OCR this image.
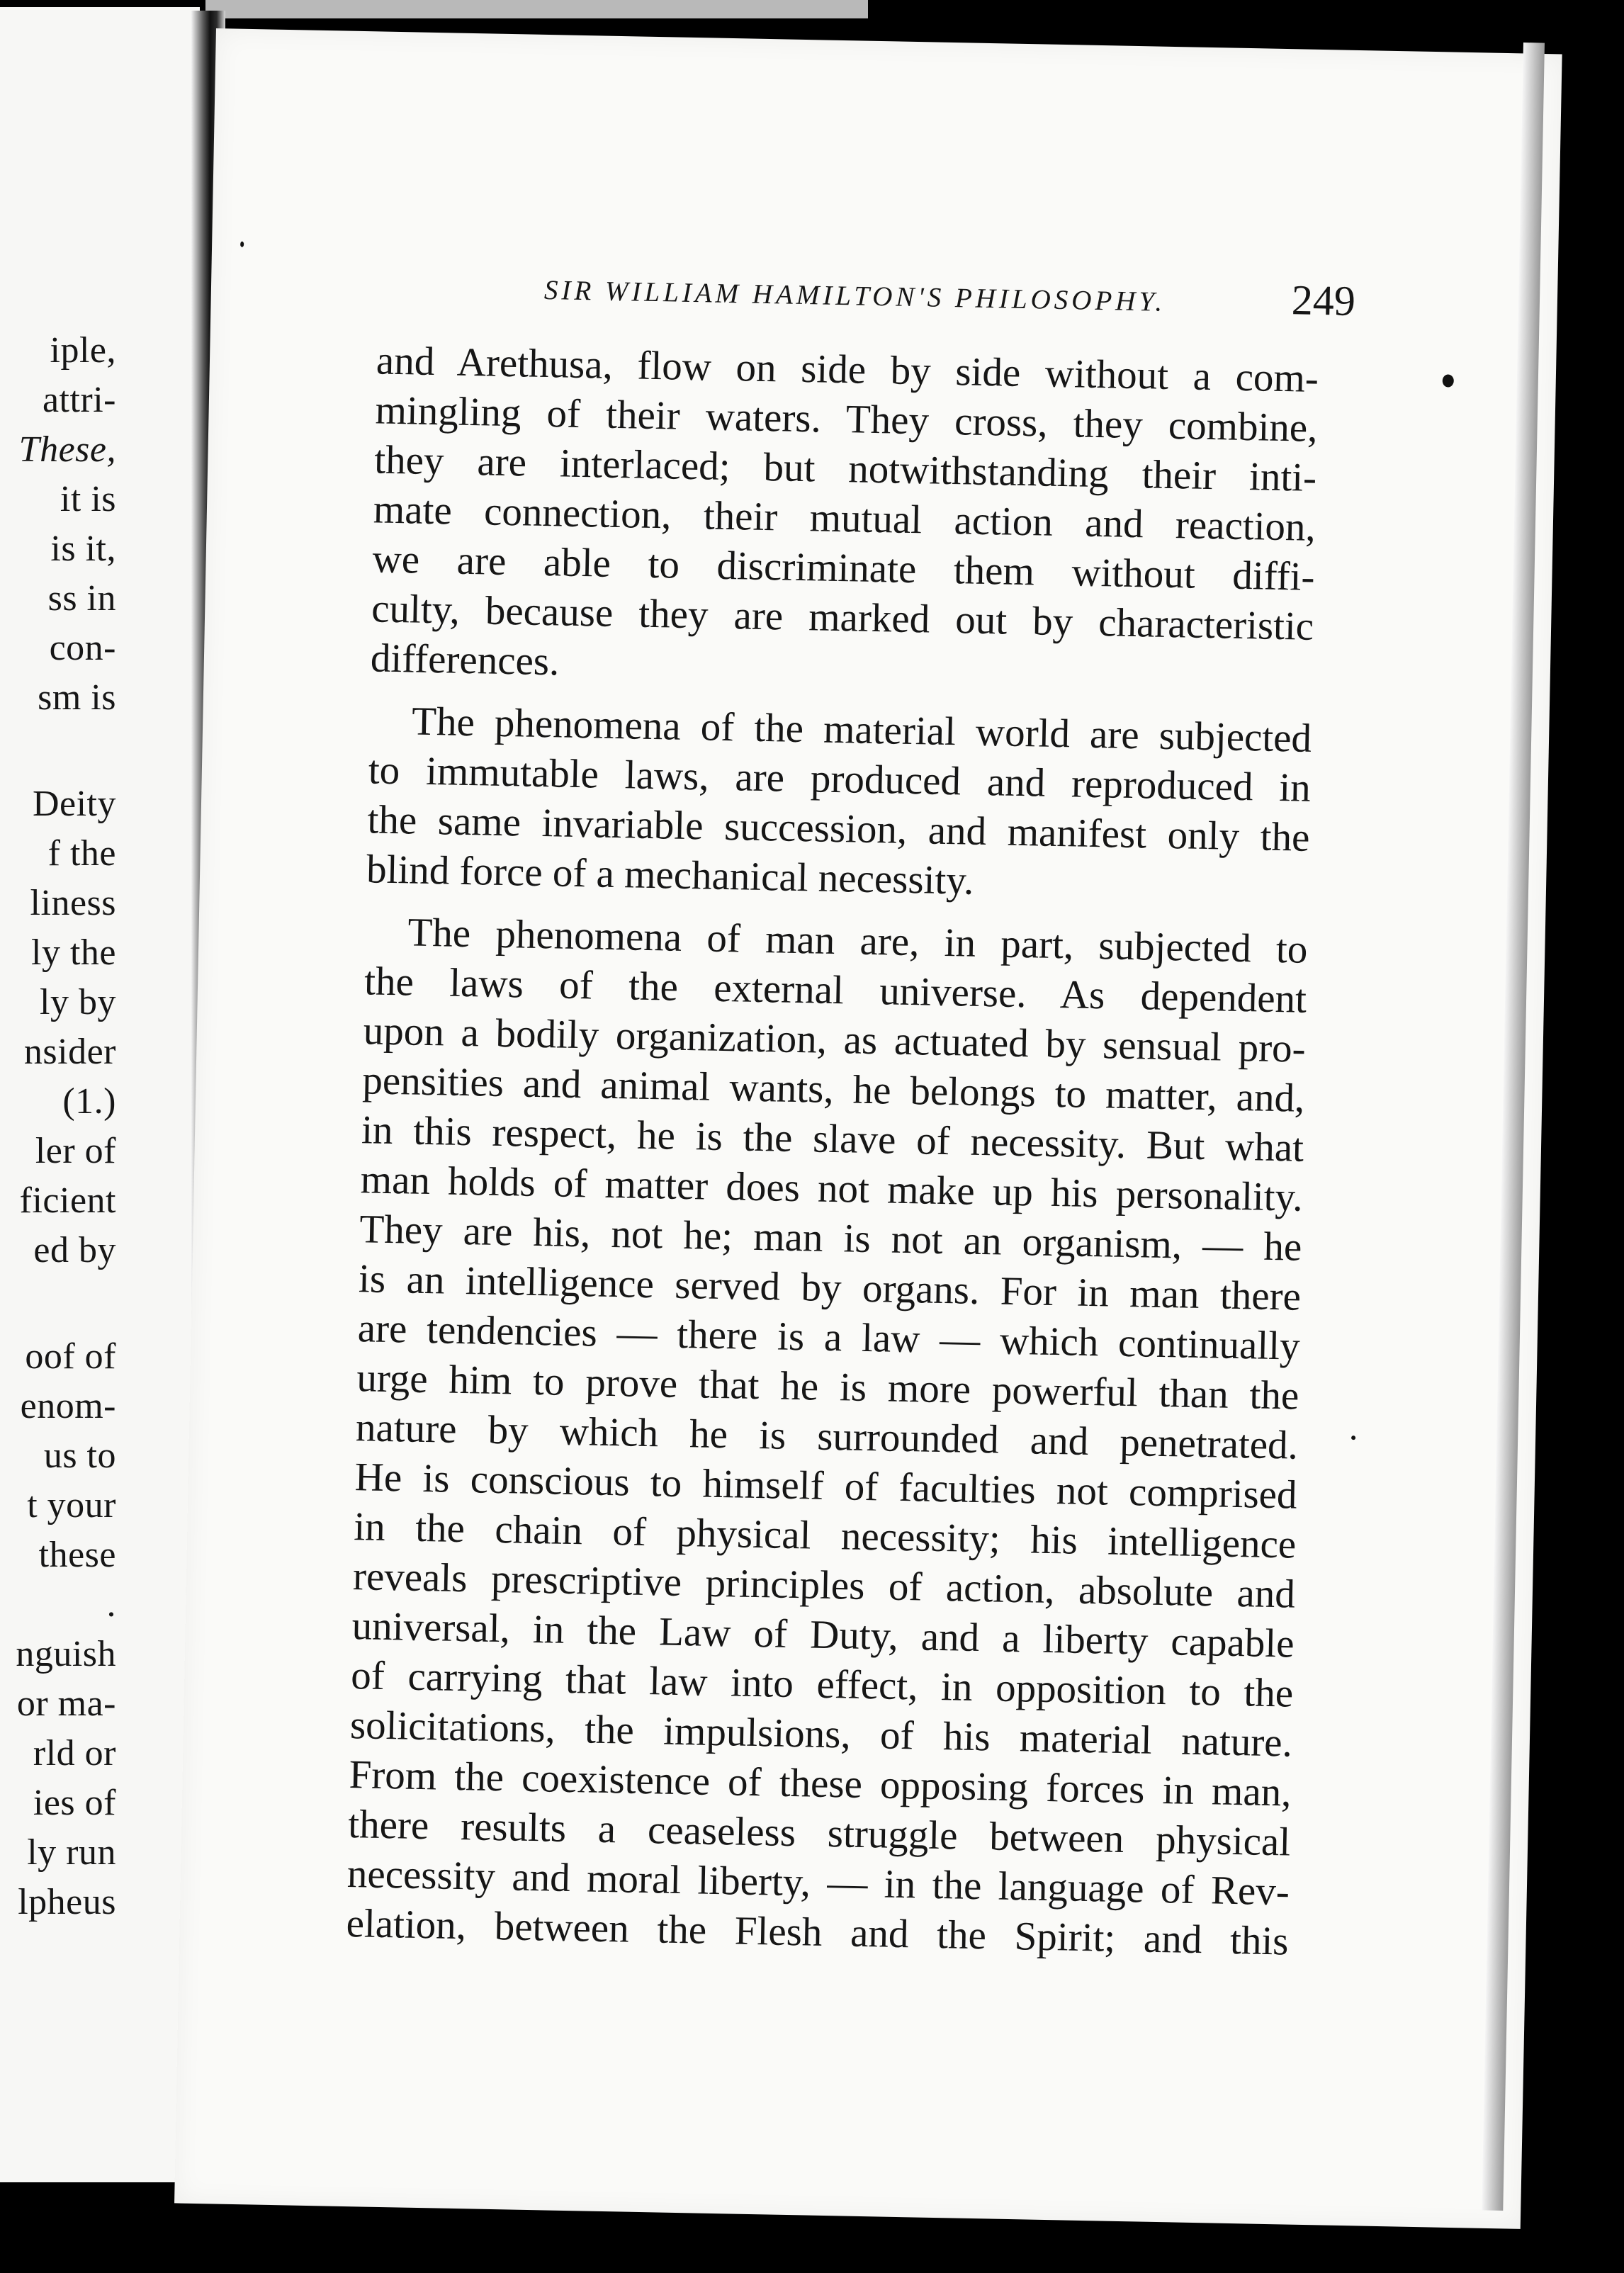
iple,
attri-
These,
it is
is it,
ss in
con-
sm is
Deity
f the
liness
ly the
ly by
nsider
(1.)
ler of
ficient
ed by
oof of
enom-
us to
t your
these
.
nguish
or ma-
rld or
ies of
ly run
lpheus
SIR WILLIAM HAMILTON'S PHILOSOPHY.	249
and Arethusa, flow on side by side without a com-
mingling of their waters. They cross, they combine,
they are interlaced; but notwithstanding their inti-
mate connection, their mutual action and reaction,
we are able to discriminate them without diffi-
culty, because they are marked out by characteristic
differences.
The phenomena of the material world are subjected
to immutable laws, are produced and reproduced in
the same invariable succession, and manifest only the
blind force of a mechanical necessity.
The phenomena of man are, in part, subjected to
the laws of the external universe. As dependent
upon a bodily organization, as actuated by sensual pro-
pensities and animal wants, he belongs to matter, and,
in this respect, he is the slave of necessity. But what
man holds of matter does not make up his personality.
They are his, not he; man is not an organism, — he
is an intelligence served by organs. For in man there
are tendencies — there is a law — which continually
urge him to prove that he is more powerful than the
nature by which he is surrounded and penetrated.
He is conscious to himself of faculties not comprised
in the chain of physical necessity; his intelligence
reveals prescriptive principles of action, absolute and
universal, in the Law of Duty, and a liberty capable
of carrying that law into effect, in opposition to the
solicitations, the impulsions, of his material nature.
From the coexistence of these opposing forces in man,
there results a ceaseless struggle between physical
necessity and moral liberty, — in the language of Rev-
elation, between the Flesh and the Spirit; and this
